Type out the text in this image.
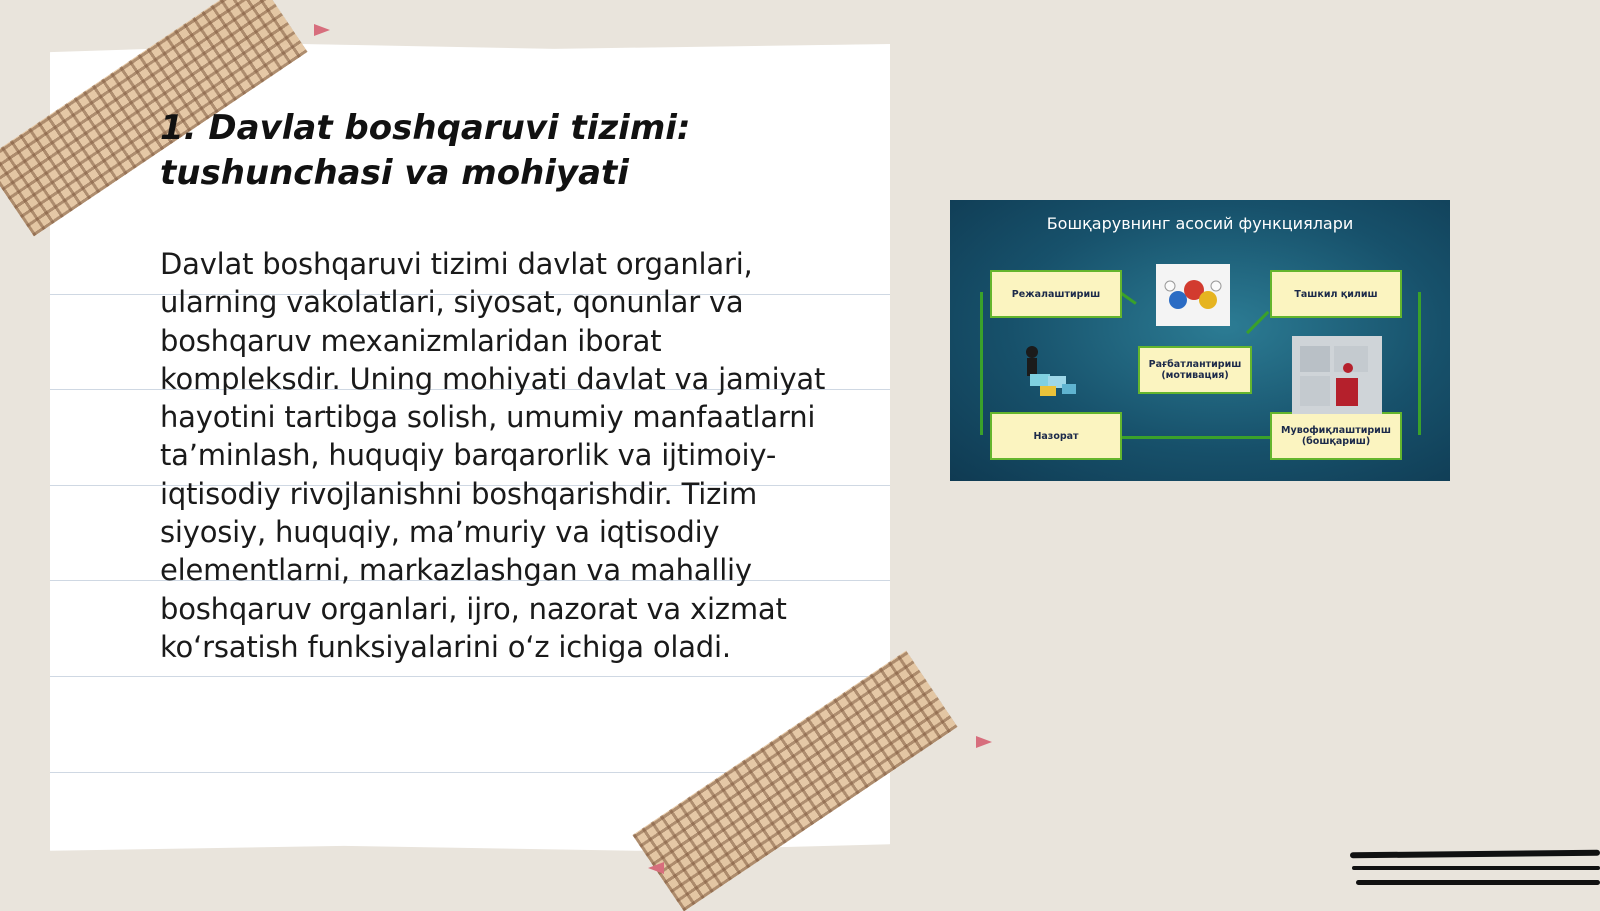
1. Davlat boshqaruvi tizimi:
tushunchasi va mohiyati

Davlat boshqaruvi tizimi davlat organlari, ularning vakolatlari, siyosat, qonunlar va boshqaruv mexanizmlaridan iborat kompleksdir. Uning mohiyati davlat va jamiyat hayotini tartibga solish, umumiy manfaatlarni ta’minlash, huquqiy barqarorlik va ijtimoiy-iqtisodiy rivojlanishni boshqarishdir. Tizim siyosiy, huquqiy, ma’muriy va iqtisodiy elementlarni, markazlashgan va mahalliy boshqaruv organlari, ijro, nazorat va xizmat koʻrsatish funksiyalarini oʻz ichiga oladi.

Бошқарувнинг асосий функциялари
Режалаштириш	Ташкил қилиш
Рағбатлантириш (мотивация)
Назорат	Мувофиқлаштириш (бошқариш)
